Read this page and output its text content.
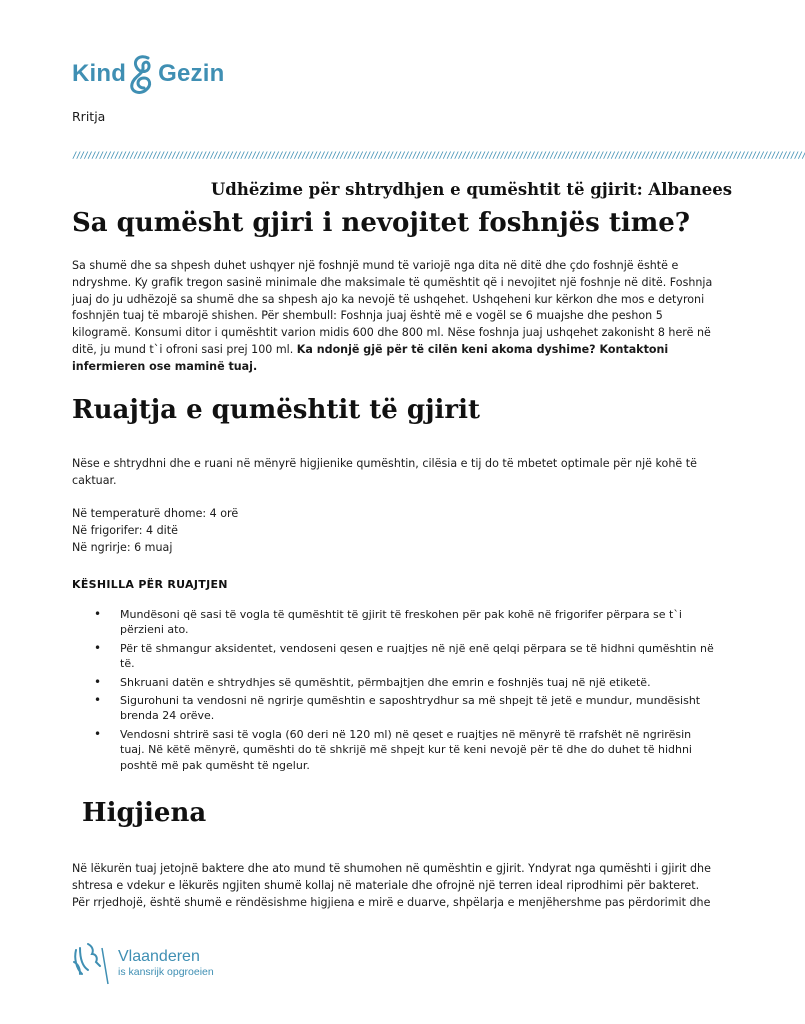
Kind Gezin
Rritja
////////////////////////////////////////////////////////////////////////////////////////////////////////////////////////////////////////////////////////////////////////////////////////////////
Udhëzime për shtrydhjen e qumështit të gjirit: Albanees
Sa qumësht gjiri i nevojitet foshnjës time?

Sa shumë dhe sa shpesh duhet ushqyer një foshnjë mund të variojë nga dita në ditë dhe çdo foshnjë është e ndryshme. Ky grafik tregon sasinë minimale dhe maksimale të qumështit që i nevojitet një foshnje në ditë. Foshnja juaj do ju udhëzojë sa shumë dhe sa shpesh ajo ka nevojë të ushqehet. Ushqeheni kur kërkon dhe mos e detyroni foshnjën tuaj të mbarojë shishen. Për shembull: Foshnja juaj është më e vogël se 6 muajshe dhe peshon 5 kilogramë. Konsumi ditor i qumështit varion midis 600 dhe 800 ml. Nëse foshnja juaj ushqehet zakonisht 8 herë në ditë, ju mund t`i ofroni sasi prej 100 ml. Ka ndonjë gjë për të cilën keni akoma dyshime? Kontaktoni infermieren ose maminë tuaj.

Ruajtja e qumështit të gjirit

Nëse e shtrydhni dhe e ruani në mënyrë higjienike qumështin, cilësia e tij do të mbetet optimale për një kohë të caktuar.

Në temperaturë dhome: 4 orë
Në frigorifer: 4 ditë
Në ngrirje: 6 muaj
KËSHILLA PËR RUAJTJEN
• Mundësoni që sasi të vogla të qumështit të gjirit të freskohen për pak kohë në frigorifer përpara se t`i përzieni ato.
• Për të shmangur aksidentet, vendoseni qesen e ruajtjes në një enë qelqi përpara se të hidhni qumështin në të.
• Shkruani datën e shtrydhjes së qumështit, përmbajtjen dhe emrin e foshnjës tuaj në një etiketë.
• Sigurohuni ta vendosni në ngrirje qumështin e saposhtrydhur sa më shpejt të jetë e mundur, mundësisht brenda 24 orëve.
• Vendosni shtrirë sasi të vogla (60 deri në 120 ml) në qeset e ruajtjes në mënyrë të rrafshët në ngrirësin tuaj. Në këtë mënyrë, qumështi do të shkrijë më shpejt kur të keni nevojë për të dhe do duhet të hidhni poshtë më pak qumësht të ngelur.
Higjiena

Në lëkurën tuaj jetojnë baktere dhe ato mund të shumohen në qumështin e gjirit. Yndyrat nga qumështi i gjirit dhe shtresa e vdekur e lëkurës ngjiten shumë kollaj në materiale dhe ofrojnë një terren ideal riprodhimi për bakteret. Për rrjedhojë, është shumë e rëndësishme higjiena e mirë e duarve, shpëlarja e menjëhershme pas përdorimit dhe

Vlaanderen
is kansrijk opgroeien
